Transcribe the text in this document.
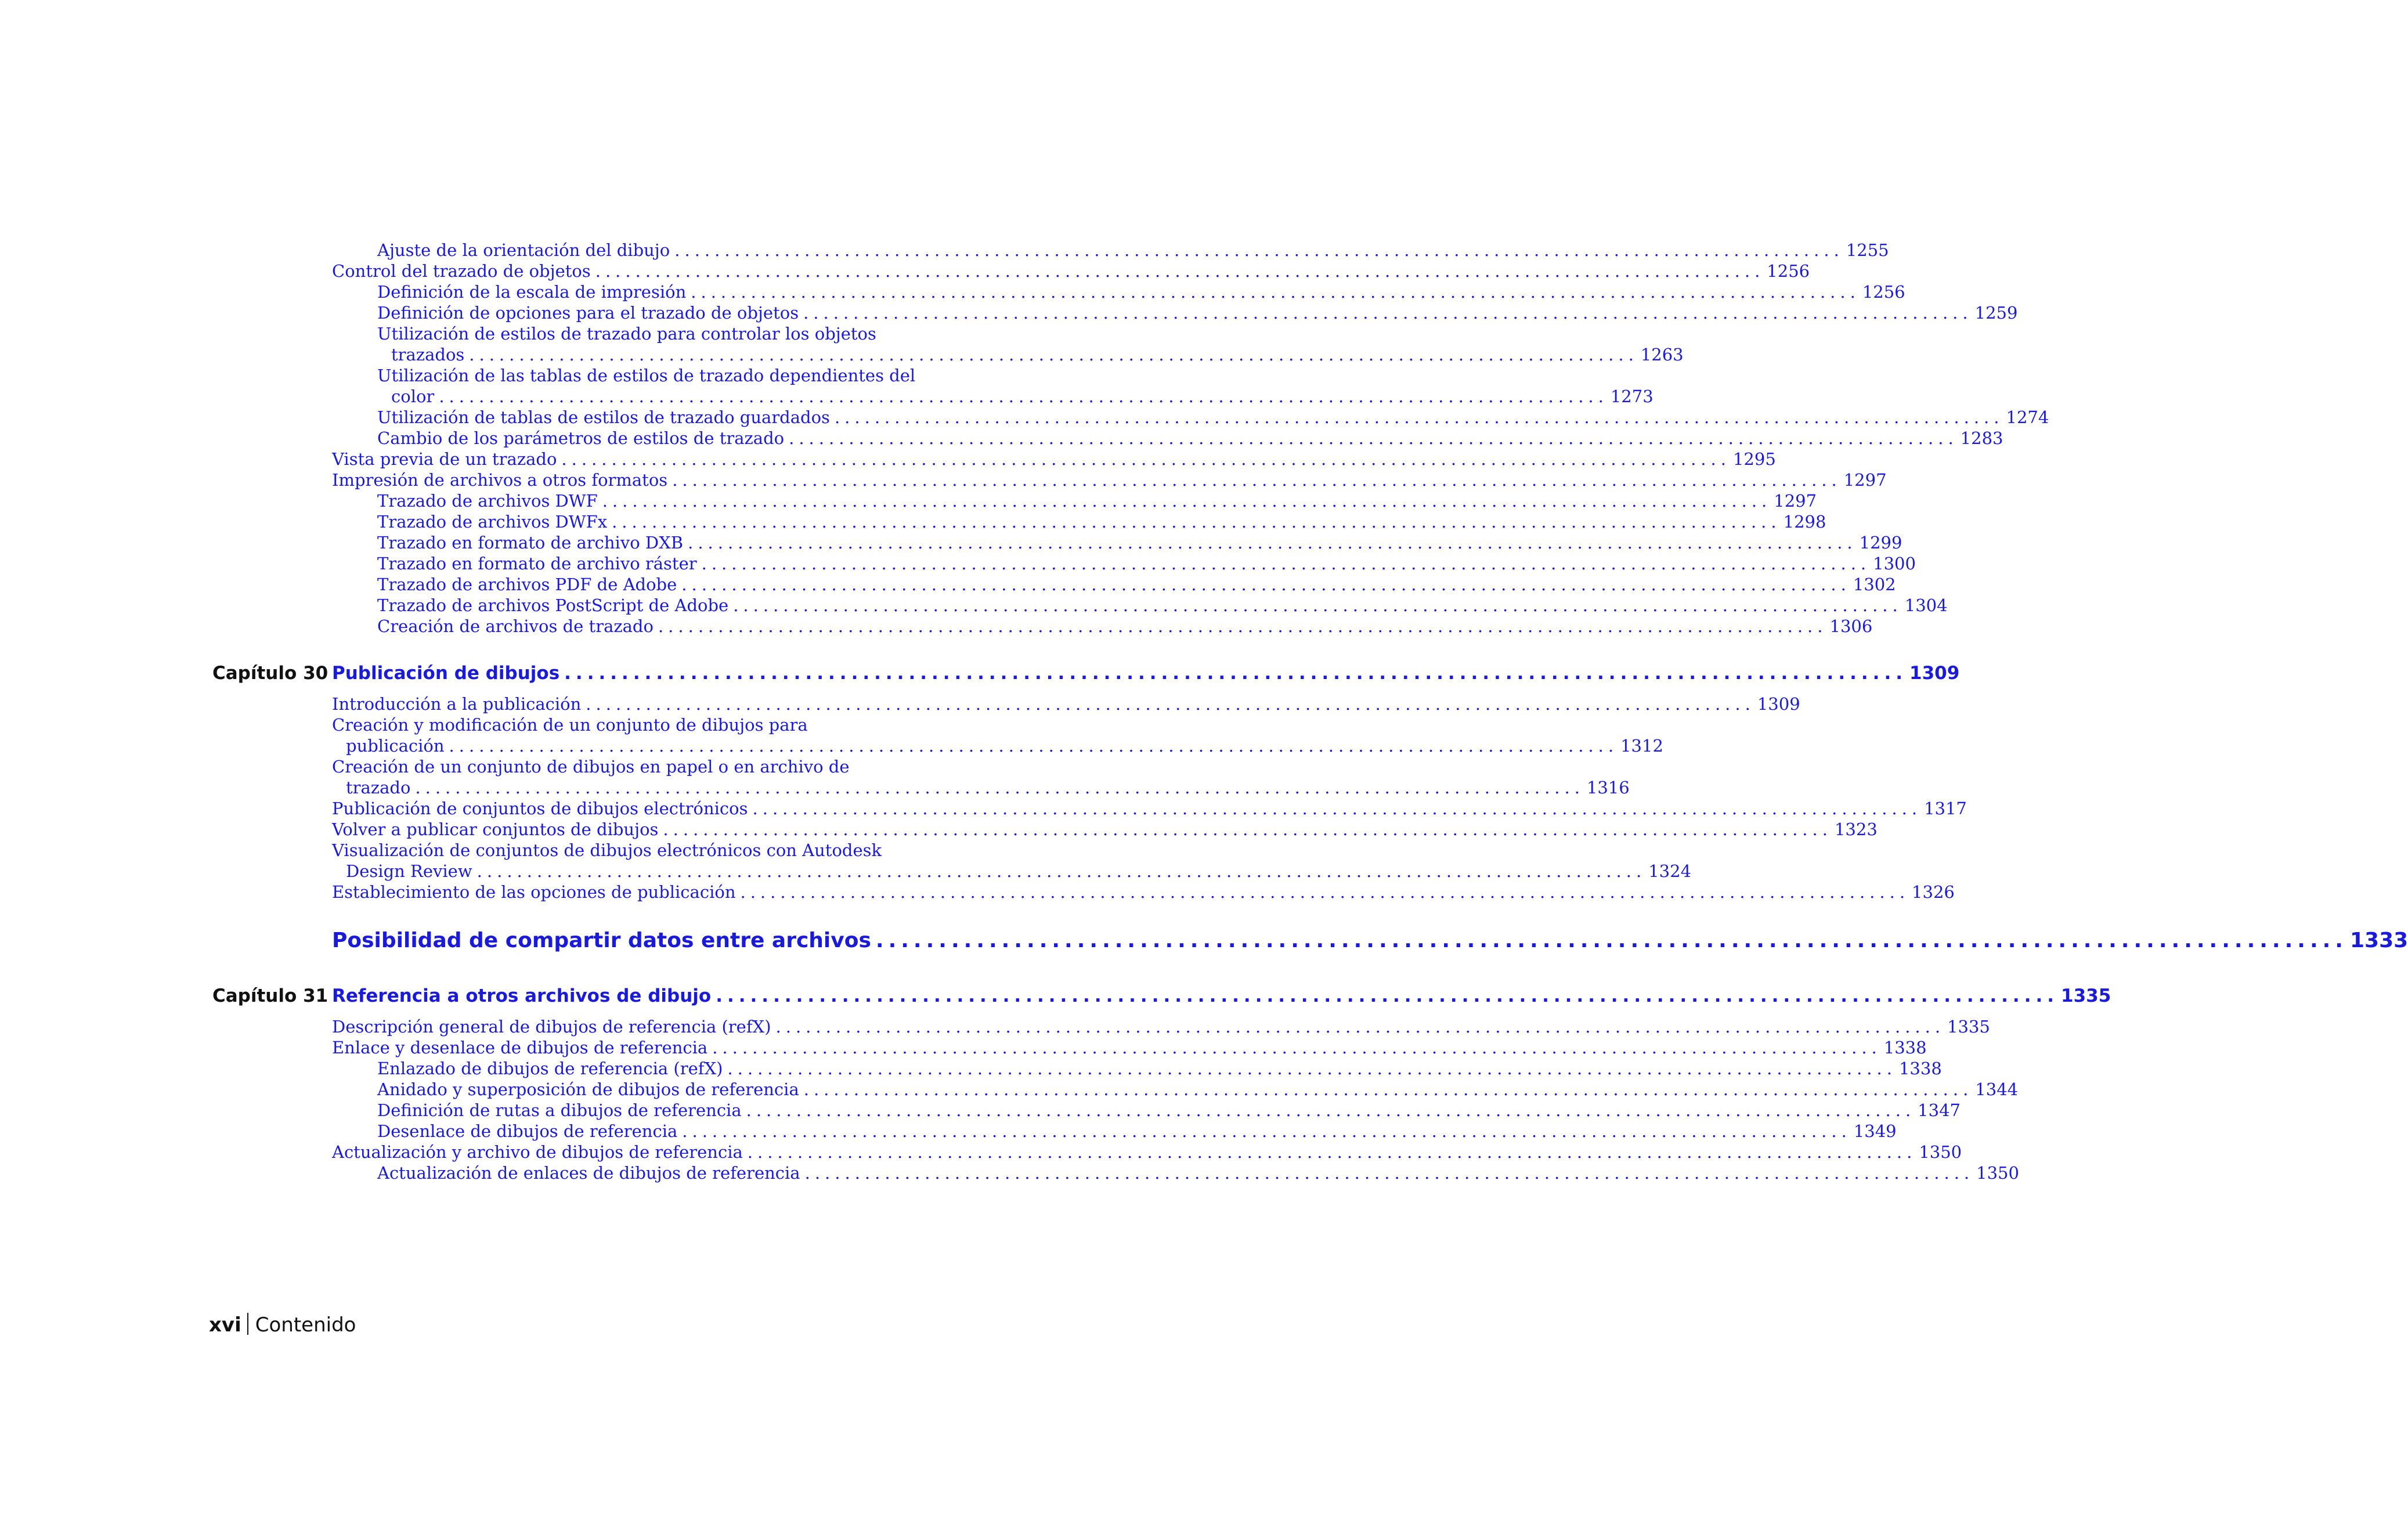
Ajuste de la orientación del dibujo ..................................................................................................................... 1255
Control del trazado de objetos ..................................................................................................................... 1256
Definición de la escala de impresión ..................................................................................................................... 1256
Definición de opciones para el trazado de objetos ..................................................................................................................... 1259
Utilización de estilos de trazado para controlar los objetos
trazados ..................................................................................................................... 1263
Utilización de las tablas de estilos de trazado dependientes del
color ..................................................................................................................... 1273
Utilización de tablas de estilos de trazado guardados ..................................................................................................................... 1274
Cambio de los parámetros de estilos de trazado ..................................................................................................................... 1283
Vista previa de un trazado ..................................................................................................................... 1295
Impresión de archivos a otros formatos ..................................................................................................................... 1297
Trazado de archivos DWF ..................................................................................................................... 1297
Trazado de archivos DWFx ..................................................................................................................... 1298
Trazado en formato de archivo DXB ..................................................................................................................... 1299
Trazado en formato de archivo ráster ..................................................................................................................... 1300
Trazado de archivos PDF de Adobe ..................................................................................................................... 1302
Trazado de archivos PostScript de Adobe ..................................................................................................................... 1304
Creación de archivos de trazado ..................................................................................................................... 1306
Capítulo 30 Publicación de dibujos ..................................................................................................................... 1309
Introducción a la publicación ..................................................................................................................... 1309
Creación y modificación de un conjunto de dibujos para
publicación ..................................................................................................................... 1312
Creación de un conjunto de dibujos en papel o en archivo de
trazado ..................................................................................................................... 1316
Publicación de conjuntos de dibujos electrónicos ..................................................................................................................... 1317
Volver a publicar conjuntos de dibujos ..................................................................................................................... 1323
Visualización de conjuntos de dibujos electrónicos con Autodesk
Design Review ..................................................................................................................... 1324
Establecimiento de las opciones de publicación ..................................................................................................................... 1326
Posibilidad de compartir datos entre archivos ..................................................................................................................... 1333
Capítulo 31 Referencia a otros archivos de dibujo ..................................................................................................................... 1335
Descripción general de dibujos de referencia (refX) ..................................................................................................................... 1335
Enlace y desenlace de dibujos de referencia ..................................................................................................................... 1338
Enlazado de dibujos de referencia (refX) ..................................................................................................................... 1338
Anidado y superposición de dibujos de referencia ..................................................................................................................... 1344
Definición de rutas a dibujos de referencia ..................................................................................................................... 1347
Desenlace de dibujos de referencia ..................................................................................................................... 1349
Actualización y archivo de dibujos de referencia ..................................................................................................................... 1350
Actualización de enlaces de dibujos de referencia ..................................................................................................................... 1350
xvi Contenido
